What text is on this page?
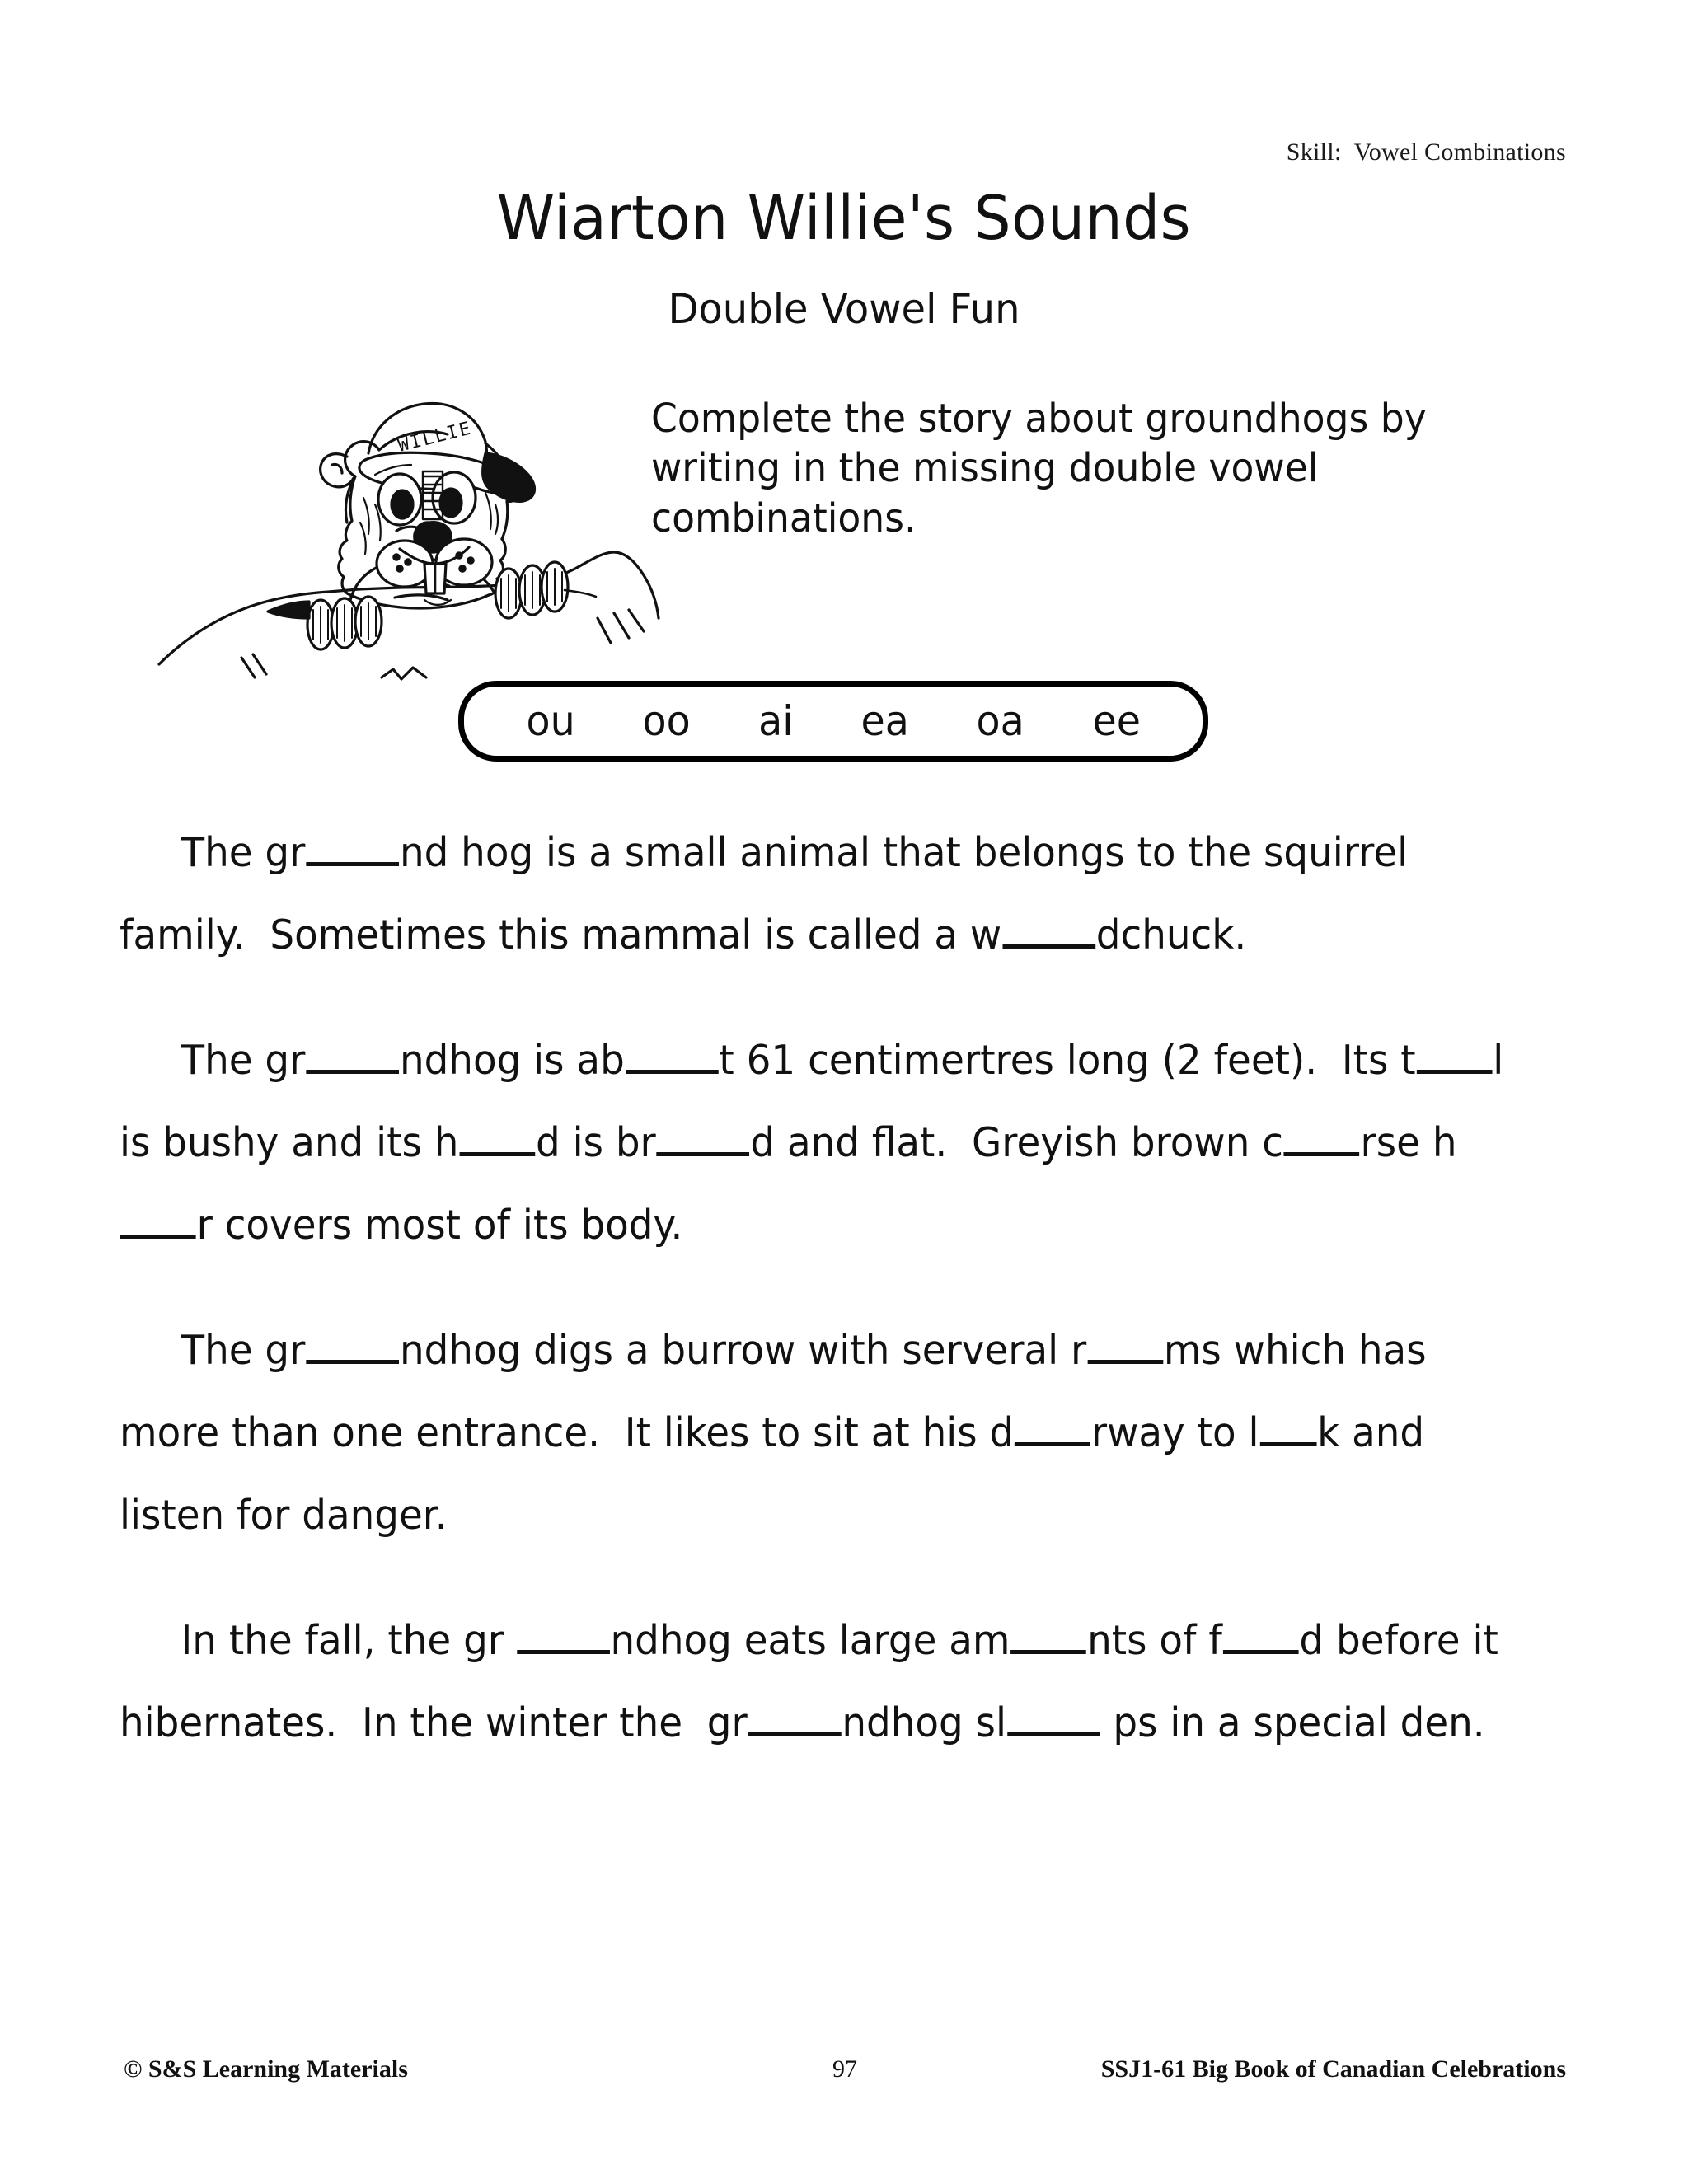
Skill:  Vowel Combinations
Wiarton Willie's Sounds
Double Vowel Fun
Complete the story about groundhogs by writing in the missing double vowel combinations.
WILLIE
ou oo ai ea oa ee

The gr nd hog is a small animal that belongs to the squirrel family.  Sometimes this mammal is called a w dchuck.

The gr ndhog is ab t 61 centimertres long (2 feet).  Its t l is bushy and its h d is br d and flat.  Greyish brown c rse hr covers most of its body.

The gr ndhog digs a burrow with serveral r ms which has more than one entrance.  It likes to sit at his d rway to l k and listen for danger.

In the fall, the gr ndhog eats large am nts of f d before it hibernates.  In the winter the  gr ndhog sl ps in a special den.

© S&S Learning Materials	97	SSJ1-61 Big Book of Canadian Celebrations
